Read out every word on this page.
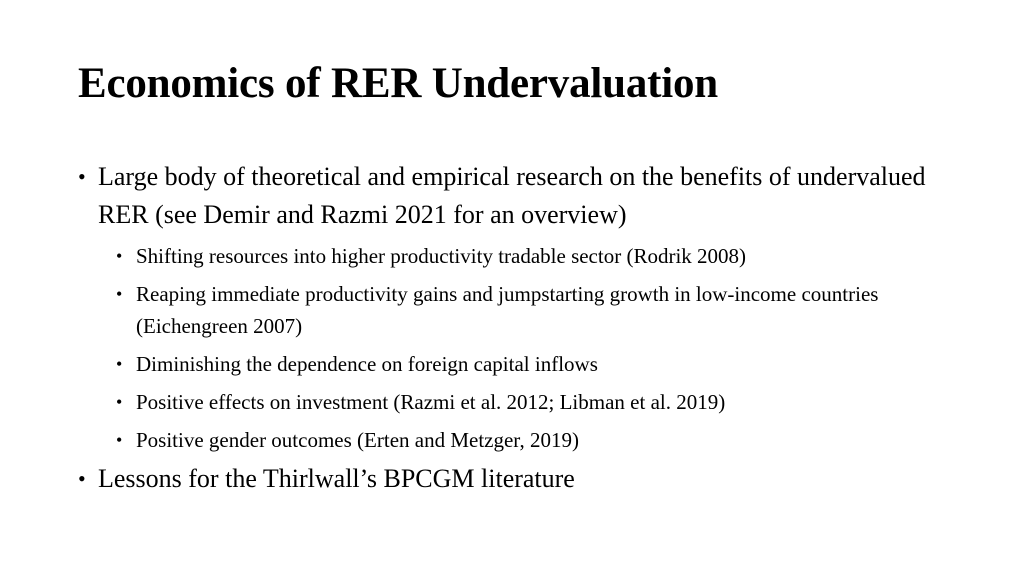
Economics of RER Undervaluation
• Large body of theoretical and empirical research on the benefits of undervalued RER (see Demir and Razmi 2021 for an overview)
• Shifting resources into higher productivity tradable sector (Rodrik 2008)
• Reaping immediate productivity gains and jumpstarting growth in low-income countries (Eichengreen 2007)
• Diminishing the dependence on foreign capital inflows
• Positive effects on investment (Razmi et al. 2012; Libman et al. 2019)
• Positive gender outcomes (Erten and Metzger, 2019)
• Lessons for the Thirlwall’s BPCGM literature
